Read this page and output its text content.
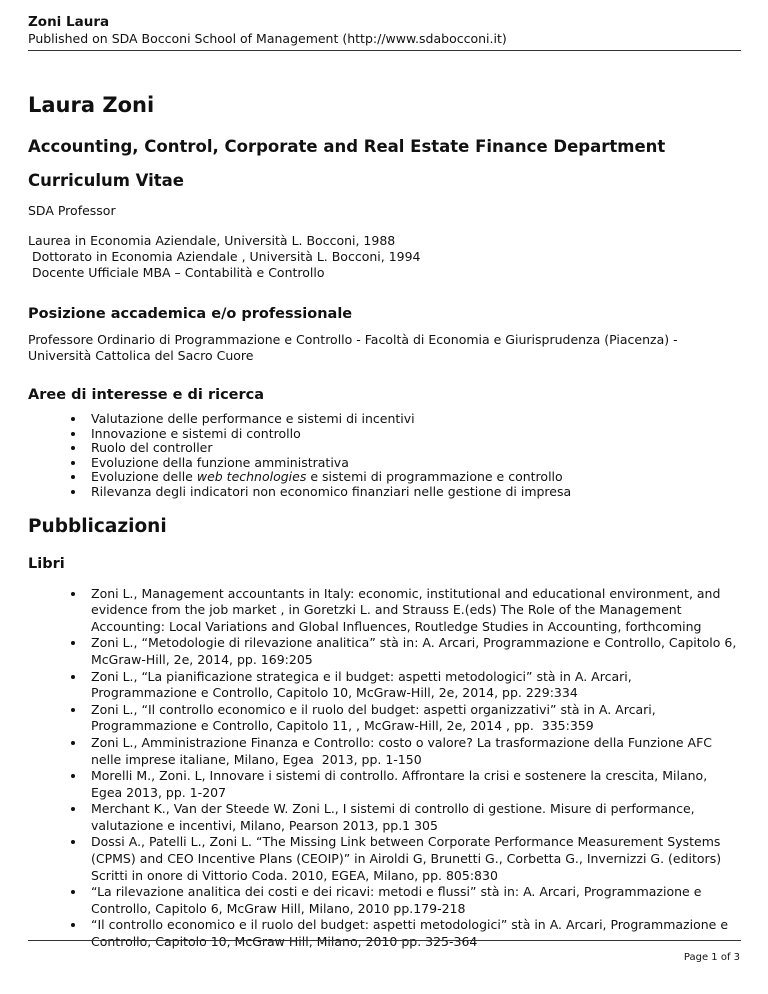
Zoni Laura
Published on SDA Bocconi School of Management (http://www.sdabocconi.it)
Laura Zoni
Accounting, Control, Corporate and Real Estate Finance Department
Curriculum Vitae

SDA Professor

Laurea in Economia Aziendale, Università L. Bocconi, 1988

Dottorato in Economia Aziendale , Università L. Bocconi, 1994

Docente Ufficiale MBA – Contabilità e Controllo

Posizione accademica e/o professionale

Professore Ordinario di Programmazione e Controllo - Facoltà di Economia e Giurisprudenza (Piacenza) - Università Cattolica del Sacro Cuore

Aree di interesse e di ricerca
• Valutazione delle performance e sistemi di incentivi
• Innovazione e sistemi di controllo
• Ruolo del controller
• Evoluzione della funzione amministrativa
• Evoluzione delle web technologies e sistemi di programmazione e controllo
• Rilevanza degli indicatori non economico finanziari nelle gestione di impresa
Pubblicazioni
Libri
• Zoni L., Management accountants in Italy: economic, institutional and educational environment, and evidence from the job market , in Goretzki L. and Strauss E.(eds) The Role of the Management Accounting: Local Variations and Global Influences, Routledge Studies in Accounting, forthcoming
• Zoni L., “Metodologie di rilevazione analitica” stà in: A. Arcari, Programmazione e Controllo, Capitolo 6, McGraw-Hill, 2e, 2014, pp. 169:205
• Zoni L., “La pianificazione strategica e il budget: aspetti metodologici” stà in A. Arcari, Programmazione e Controllo, Capitolo 10, McGraw-Hill, 2e, 2014, pp. 229:334
• Zoni L., “Il controllo economico e il ruolo del budget: aspetti organizzativi” stà in A. Arcari,  Programmazione e Controllo, Capitolo 11, , McGraw-Hill, 2e, 2014 , pp.  335:359
• Zoni L., Amministrazione Finanza e Controllo: costo o valore? La trasformazione della Funzione AFC nelle imprese italiane, Milano, Egea  2013, pp. 1-150
• Morelli M., Zoni. L, Innovare i sistemi di controllo. Affrontare la crisi e sostenere la crescita, Milano, Egea 2013, pp. 1-207
• Merchant K., Van der Steede W. Zoni L., I sistemi di controllo di gestione. Misure di performance, valutazione e incentivi, Milano, Pearson 2013, pp.1 305
• Dossi A., Patelli L., Zoni L. “The Missing Link between Corporate Performance Measurement Systems (CPMS) and CEO Incentive Plans (CEOIP)” in Airoldi G, Brunetti G., Corbetta G., Invernizzi G. (editors) Scritti in onore di Vittorio Coda. 2010, EGEA, Milano, pp. 805:830
• “La rilevazione analitica dei costi e dei ricavi: metodi e flussi” stà in: A. Arcari, Programmazione e Controllo, Capitolo 6, McGraw Hill, Milano, 2010 pp.179-218
• “Il controllo economico e il ruolo del budget: aspetti metodologici” stà in A. Arcari, Programmazione e Controllo, Capitolo 10, McGraw Hill, Milano, 2010 pp. 325-364
Page 1 of 3
